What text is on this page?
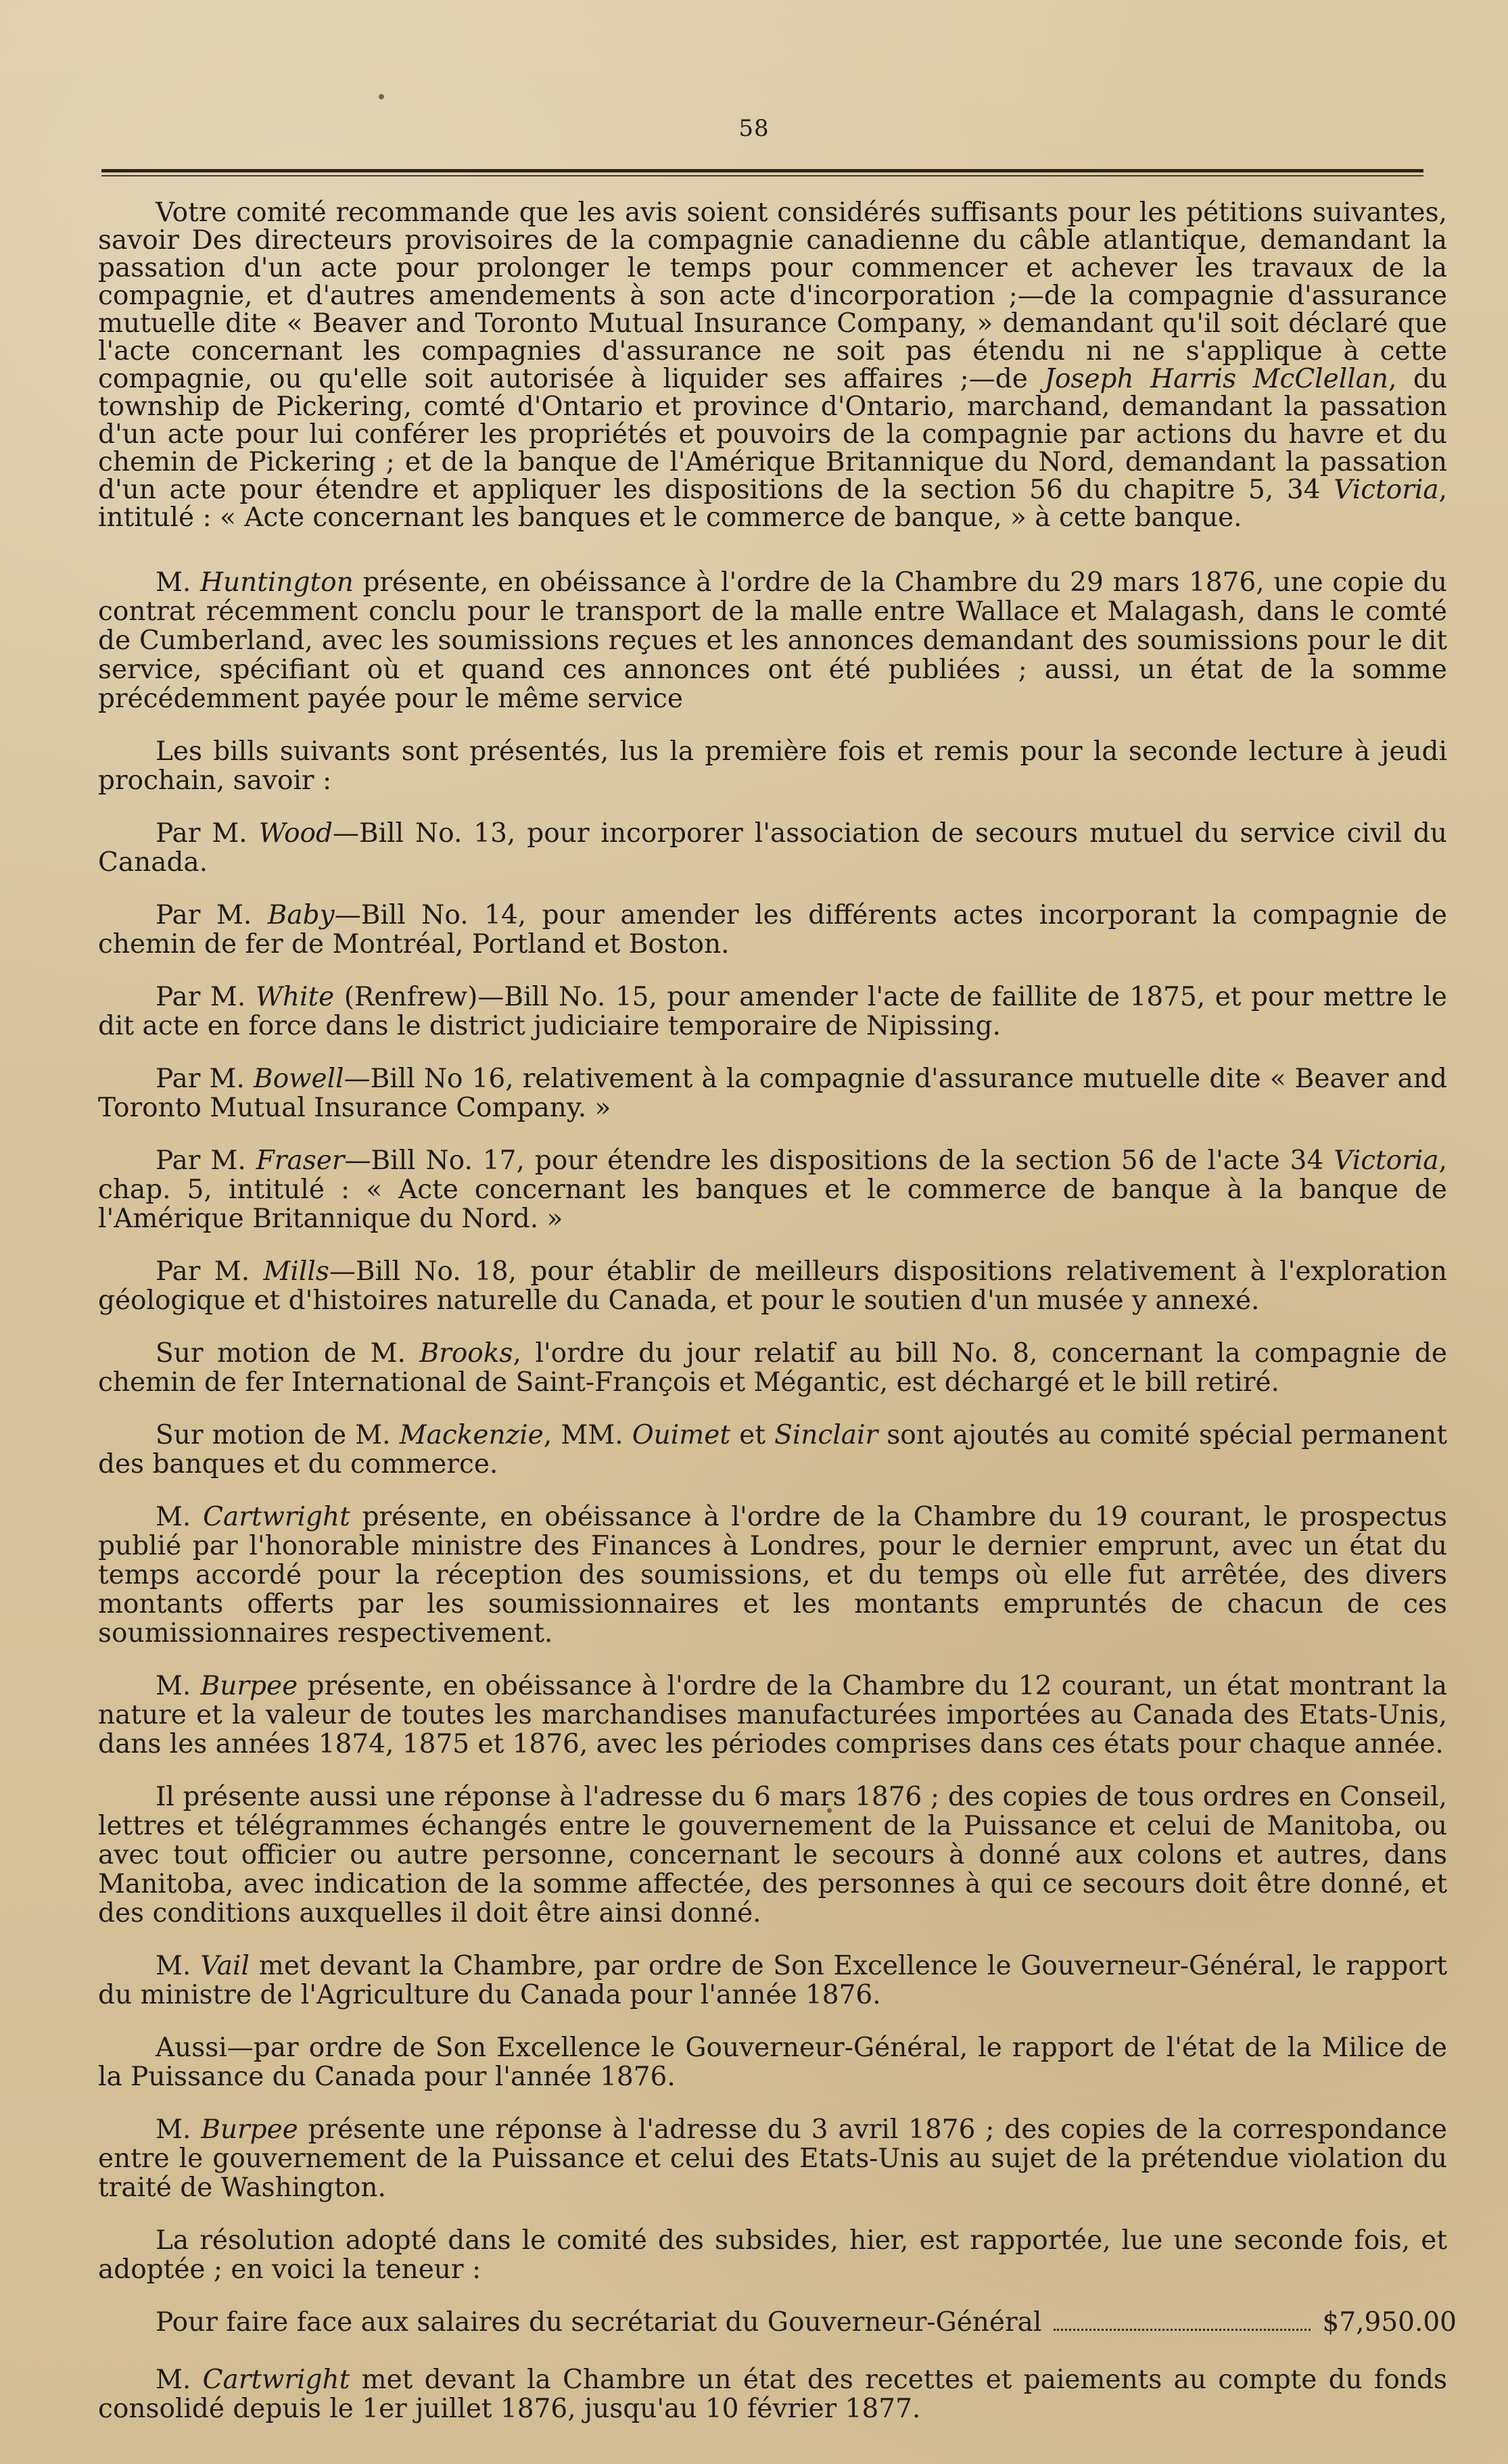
58

Votre comité recommande que les avis soient considérés suffisants pour les pétitions suivantes, savoir Des directeurs provisoires de la compagnie canadienne du câble atlantique, demandant la passation d'un acte pour prolonger le temps pour commencer et achever les travaux de la compagnie, et d'autres amendements à son acte d'incorporation ;—de la compagnie d'assurance mutuelle dite « Beaver and Toronto Mutual Insurance Company, » demandant qu'il soit déclaré que l'acte concernant les compagnies d'assurance ne soit pas étendu ni ne s'applique à cette compagnie, ou qu'elle soit autorisée à liquider ses affaires ;—de Joseph Harris McClellan, du township de Pickering, comté d'Ontario et province d'Ontario, marchand, demandant la passation d'un acte pour lui conférer les propriétés et pouvoirs de la compagnie par actions du havre et du chemin de Pickering ; et de la banque de l'Amérique Britannique du Nord, demandant la passation d'un acte pour étendre et appliquer les dispositions de la section 56 du chapitre 5, 34 Victoria, intitulé : « Acte concernant les banques et le commerce de banque, » à cette banque.

M. Huntington présente, en obéissance à l'ordre de la Chambre du 29 mars 1876, une copie du contrat récemment conclu pour le transport de la malle entre Wallace et Malagash, dans le comté de Cumberland, avec les soumissions reçues et les annonces demandant des soumissions pour le dit service, spécifiant où et quand ces annonces ont été publiées ; aussi, un état de la somme précédemment payée pour le même service

Les bills suivants sont présentés, lus la première fois et remis pour la seconde lecture à jeudi prochain, savoir :

Par M. Wood—Bill No. 13, pour incorporer l'association de secours mutuel du service civil du Canada.

Par M. Baby—Bill No. 14, pour amender les différents actes incorporant la compagnie de chemin de fer de Montréal, Portland et Boston.

Par M. White (Renfrew)—Bill No. 15, pour amender l'acte de faillite de 1875, et pour mettre le dit acte en force dans le district judiciaire temporaire de Nipissing.

Par M. Bowell—Bill No 16, relativement à la compagnie d'assurance mutuelle dite « Beaver and Toronto Mutual Insurance Company. »

Par M. Fraser—Bill No. 17, pour étendre les dispositions de la section 56 de l'acte 34 Victoria, chap. 5, intitulé : « Acte concernant les banques et le commerce de banque à la banque de l'Amérique Britannique du Nord. »

Par M. Mills—Bill No. 18, pour établir de meilleurs dispositions relativement à l'exploration géologique et d'histoires naturelle du Canada, et pour le soutien d'un musée y annexé.

Sur motion de M. Brooks, l'ordre du jour relatif au bill No. 8, concernant la compagnie de chemin de fer International de Saint-François et Mégantic, est déchargé et le bill retiré.

Sur motion de M. Mackenzie, MM. Ouimet et Sinclair sont ajoutés au comité spécial permanent des banques et du commerce.

M. Cartwright présente, en obéissance à l'ordre de la Chambre du 19 courant, le prospectus publié par l'honorable ministre des Finances à Londres, pour le dernier emprunt, avec un état du temps accordé pour la réception des soumissions, et du temps où elle fut arrêtée, des divers montants offerts par les soumissionnaires et les montants empruntés de chacun de ces soumissionnaires respectivement.

M. Burpee présente, en obéissance à l'ordre de la Chambre du 12 courant, un état montrant la nature et la valeur de toutes les marchandises manufacturées importées au Canada des Etats-Unis, dans les années 1874, 1875 et 1876, avec les périodes comprises dans ces états pour chaque année.

Il présente aussi une réponse à l'adresse du 6 mars 1876 ; des copies de tous ordres en Conseil, lettres et télégrammes échangés entre le gouvernement de la Puissance et celui de Manitoba, ou avec tout officier ou autre personne, concernant le secours à donné aux colons et autres, dans Manitoba, avec indication de la somme affectée, des personnes à qui ce secours doit être donné, et des conditions auxquelles il doit être ainsi donné.

M. Vail met devant la Chambre, par ordre de Son Excellence le Gouverneur-Général, le rapport du ministre de l'Agriculture du Canada pour l'année 1876.

Aussi—par ordre de Son Excellence le Gouverneur-Général, le rapport de l'état de la Milice de la Puissance du Canada pour l'année 1876.

M. Burpee présente une réponse à l'adresse du 3 avril 1876 ; des copies de la correspondance entre le gouvernement de la Puissance et celui des Etats-Unis au sujet de la prétendue violation du traité de Washington.

La résolution adopté dans le comité des subsides, hier, est rapportée, lue une seconde fois, et adoptée ; en voici la teneur :

Pour faire face aux salaires du secrétariat du Gouverneur-Général	$7,950.00

M. Cartwright met devant la Chambre un état des recettes et paiements au compte du fonds consolidé depuis le 1er juillet 1876, jusqu'au 10 février 1877.
